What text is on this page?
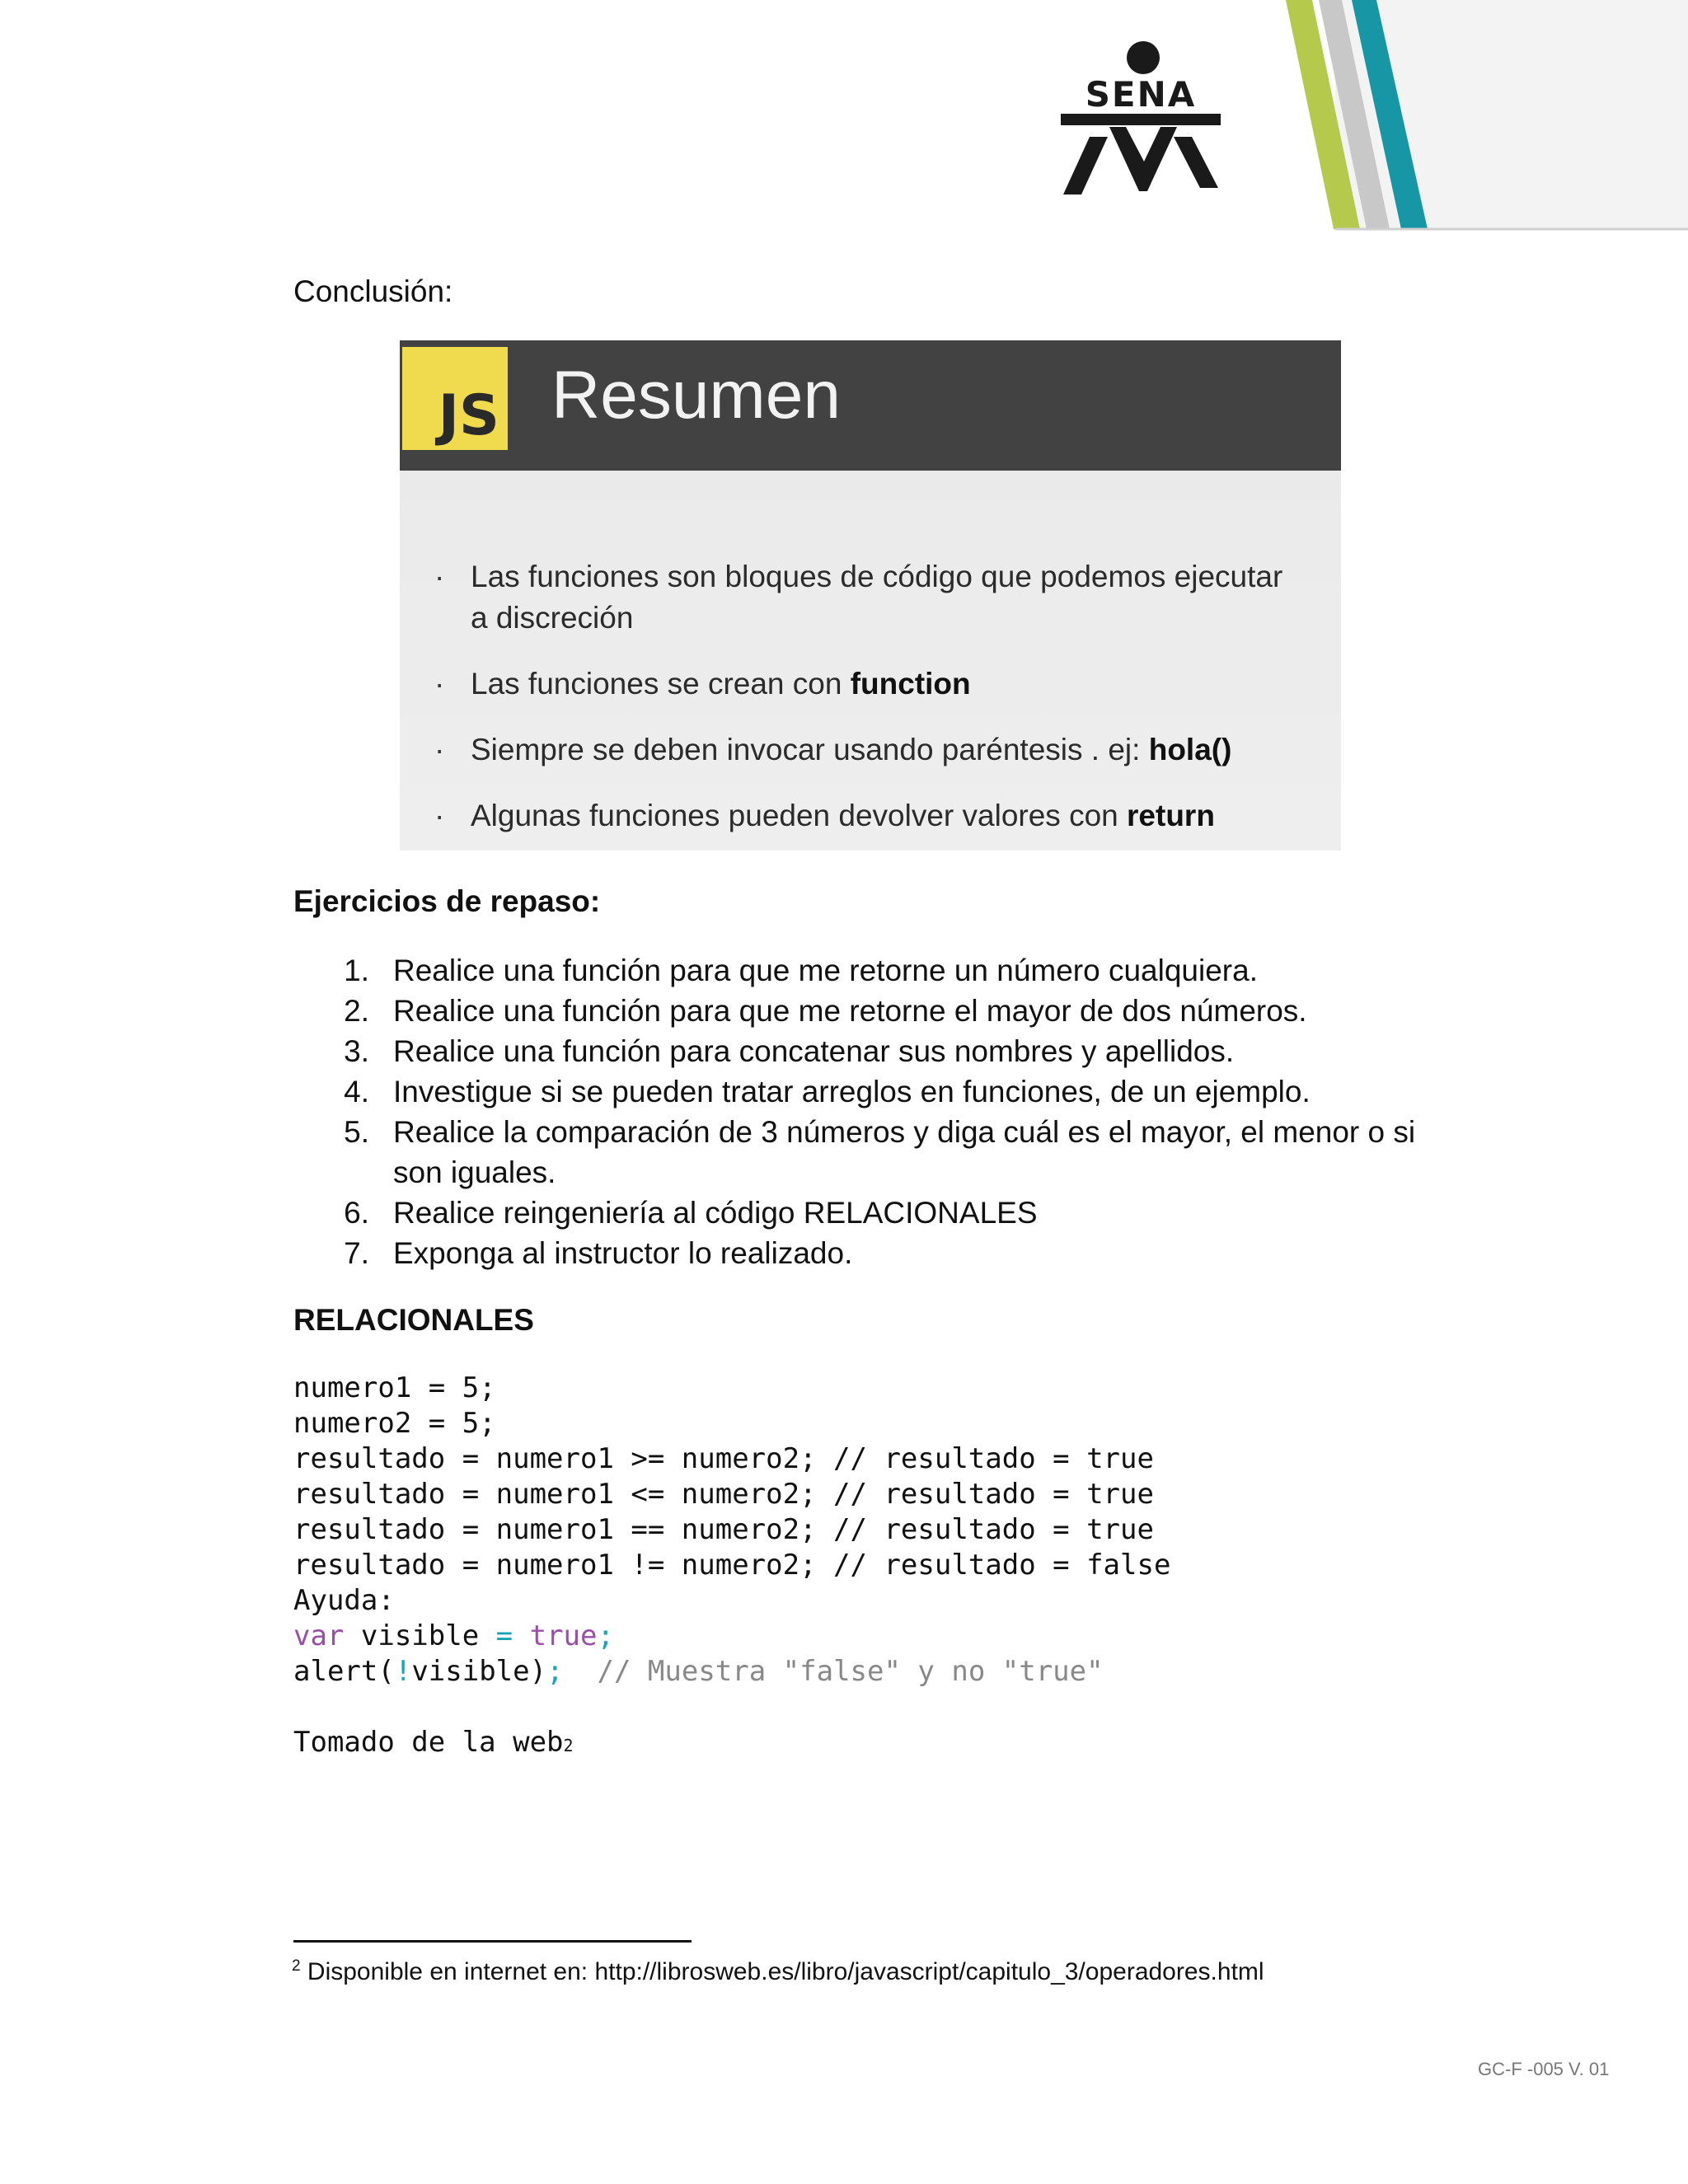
SENA
Conclusión:
JS Resumen
· Las funciones son bloques de código que podemos ejecutar
a discreción
· Las funciones se crean con function
· Siempre se deben invocar usando paréntesis . ej: hola()
· Algunas funciones pueden devolver valores con return
Ejercicios de repaso:
1. Realice una función para que me retorne un número cualquiera.
2. Realice una función para que me retorne el mayor de dos números.
3. Realice una función para concatenar sus nombres y apellidos.
4. Investigue si se pueden tratar arreglos en funciones, de un ejemplo.
5. Realice la comparación de 3 números y diga cuál es el mayor, el menor o si
son iguales.
6. Realice reingeniería al código RELACIONALES
7. Exponga al instructor lo realizado.
RELACIONALES
numero1 = 5;
numero2 = 5;
resultado = numero1 >= numero2; // resultado = true
resultado = numero1 <= numero2; // resultado = true
resultado = numero1 == numero2; // resultado = true
resultado = numero1 != numero2; // resultado = false
Ayuda:
var visible = true;
alert(!visible);  // Muestra "false" y no "true"
Tomado de la web2
$^2$ Disponible en internet en: http://librosweb.es/libro/javascript/capitulo_3/operadores.html
GC-F -005 V. 01
